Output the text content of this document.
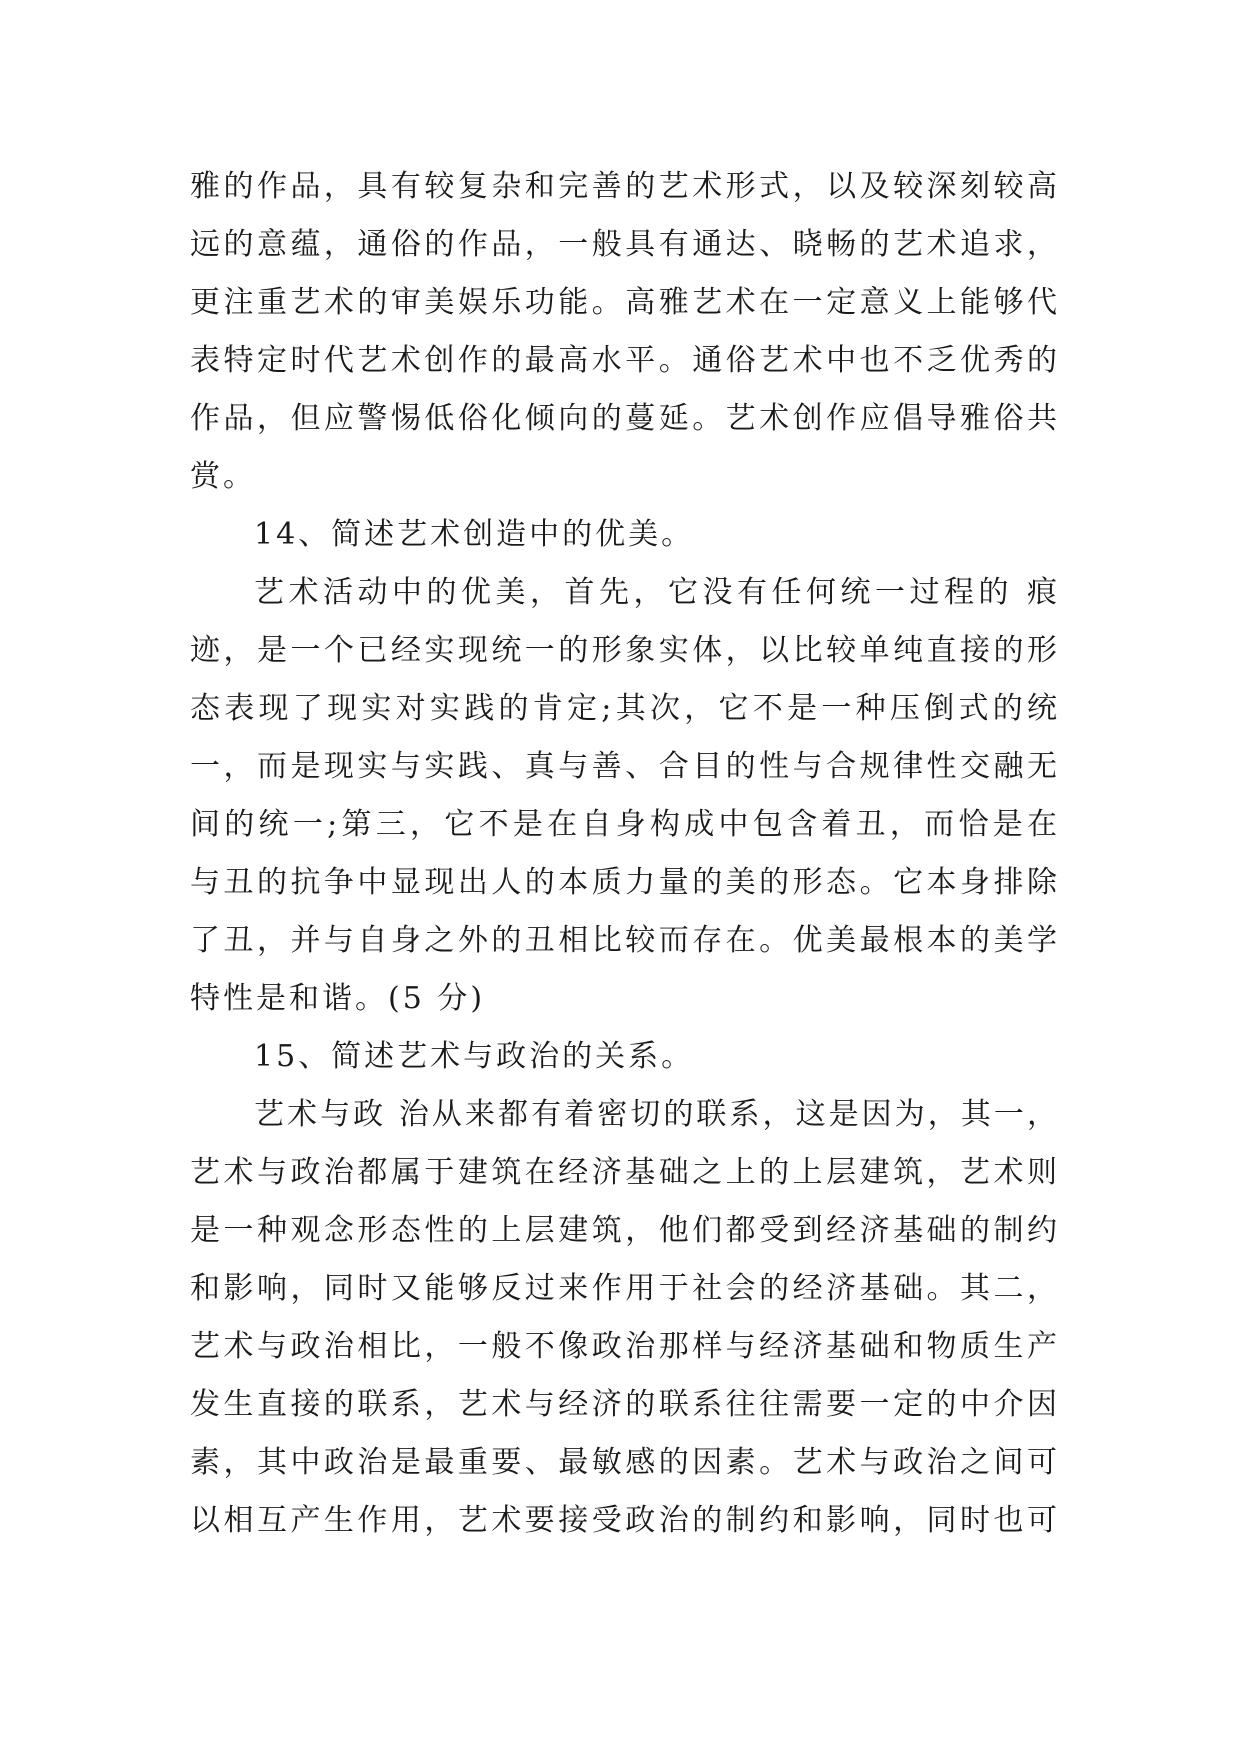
雅的作品，具有较复杂和完善的艺术形式，以及较深刻较高
远的意蕴，通俗的作品，一般具有通达、晓畅的艺术追求，
更注重艺术的审美娱乐功能。高雅艺术在一定意义上能够代
表特定时代艺术创作的最高水平。通俗艺术中也不乏优秀的
作品，但应警惕低俗化倾向的蔓延。艺术创作应倡导雅俗共
赏。
14、简述艺术创造中的优美。
艺术活动中的优美，首先，它没有任何统一过程的 痕
迹，是一个已经实现统一的形象实体，以比较单纯直接的形
态表现了现实对实践的肯定;其次，它不是一种压倒式的统
一，而是现实与实践、真与善、合目的性与合规律性交融无
间的统一;第三，它不是在自身构成中包含着丑，而恰是在
与丑的抗争中显现出人的本质力量的美的形态。它本身排除
了丑，并与自身之外的丑相比较而存在。优美最根本的美学
特性是和谐。(5 分)
15、简述艺术与政治的关系。
艺术与政 治从来都有着密切的联系，这是因为，其一，
艺术与政治都属于建筑在经济基础之上的上层建筑，艺术则
是一种观念形态性的上层建筑，他们都受到经济基础的制约
和影响，同时又能够反过来作用于社会的经济基础。其二，
艺术与政治相比，一般不像政治那样与经济基础和物质生产
发生直接的联系，艺术与经济的联系往往需要一定的中介因
素，其中政治是最重要、最敏感的因素。艺术与政治之间可
以相互产生作用，艺术要接受政治的制约和影响，同时也可
